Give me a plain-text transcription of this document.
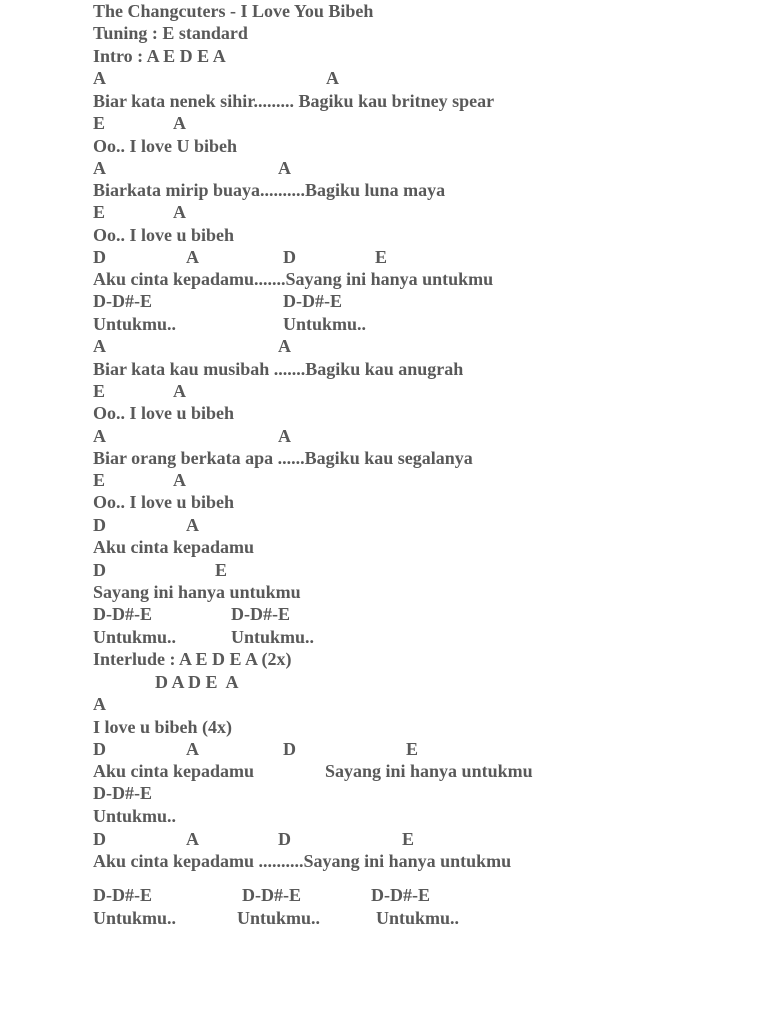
The Changcuters - I Love You Bibeh
Tuning : E standard
Intro : A E D E A
A	A
Biar kata nenek sihir......... Bagiku kau britney spear
E	A
Oo.. I love U bibeh
A	A
Biarkata mirip buaya..........Bagiku luna maya
E	A
Oo.. I love u bibeh
D	A	D	E
Aku cinta kepadamu.......Sayang ini hanya untukmu
D-D#-E	D-D#-E
Untukmu..	Untukmu..
A	A
Biar kata kau musibah .......Bagiku kau anugrah
E	A
Oo.. I love u bibeh
A	A
Biar orang berkata apa ......Bagiku kau segalanya
E	A
Oo.. I love u bibeh
D	A
Aku cinta kepadamu
D	E
Sayang ini hanya untukmu
D-D#-E	D-D#-E
Untukmu..	Untukmu..
Interlude : A E D E A (2x)
D A D E  A
A
I love u bibeh (4x)
D	A	D	E
Aku cinta kepadamu	Sayang ini hanya untukmu
D-D#-E
Untukmu..
D	A	D	E
Aku cinta kepadamu ..........Sayang ini hanya untukmu
D-D#-E	D-D#-E	D-D#-E
Untukmu..	Untukmu..	Untukmu..
